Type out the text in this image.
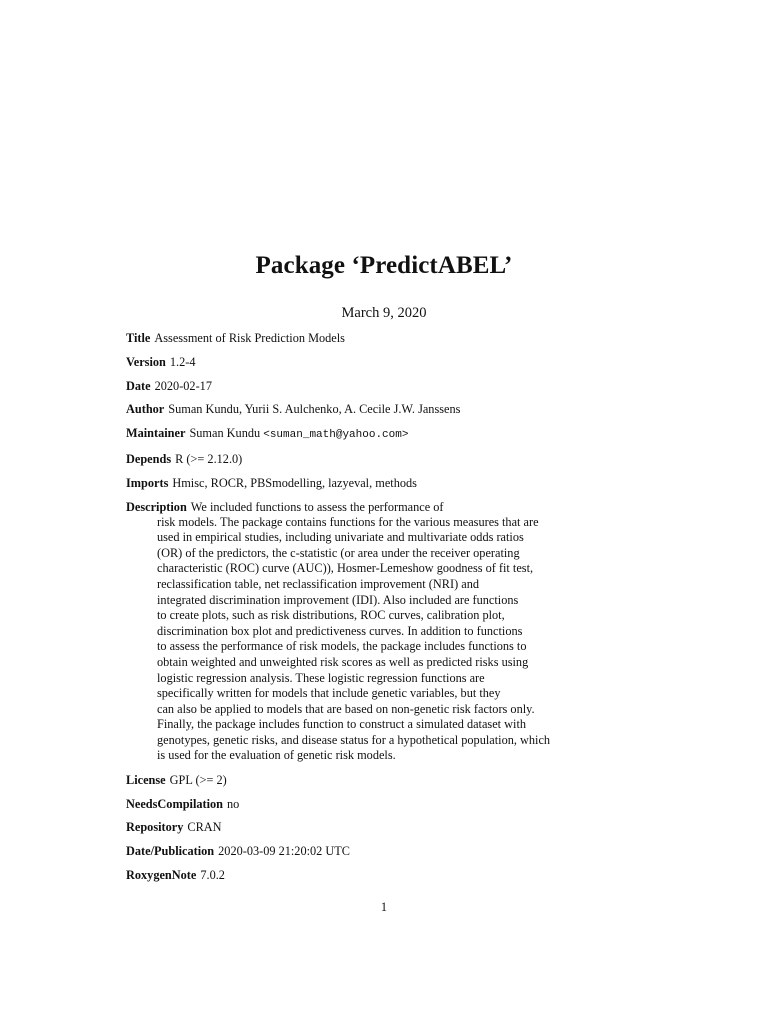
Package ‘PredictABEL’
March 9, 2020

Title Assessment of Risk Prediction Models

Version 1.2-4

Date 2020-02-17

Author Suman Kundu, Yurii S. Aulchenko, A. Cecile J.W. Janssens

Maintainer Suman Kundu <suman_math@yahoo.com>

Depends R (>= 2.12.0)

Imports Hmisc, ROCR, PBSmodelling, lazyeval, methods

Description We included functions to assess the performance of
risk models. The package contains functions for the various measures that are
used in empirical studies, including univariate and multivariate odds ratios
(OR) of the predictors, the c-statistic (or area under the receiver operating
characteristic (ROC) curve (AUC)), Hosmer-Lemeshow goodness of fit test,
reclassification table, net reclassification improvement (NRI) and
integrated discrimination improvement (IDI). Also included are functions
to create plots, such as risk distributions, ROC curves, calibration plot,
discrimination box plot and predictiveness curves. In addition to functions
to assess the performance of risk models, the package includes functions to
obtain weighted and unweighted risk scores as well as predicted risks using
logistic regression analysis. These logistic regression functions are
specifically written for models that include genetic variables, but they
can also be applied to models that are based on non-genetic risk factors only.
Finally, the package includes function to construct a simulated dataset with
genotypes, genetic risks, and disease status for a hypothetical population, which
is used for the evaluation of genetic risk models.

License GPL (>= 2)

NeedsCompilation no

Repository CRAN

Date/Publication 2020-03-09 21:20:02 UTC

RoxygenNote 7.0.2

1
